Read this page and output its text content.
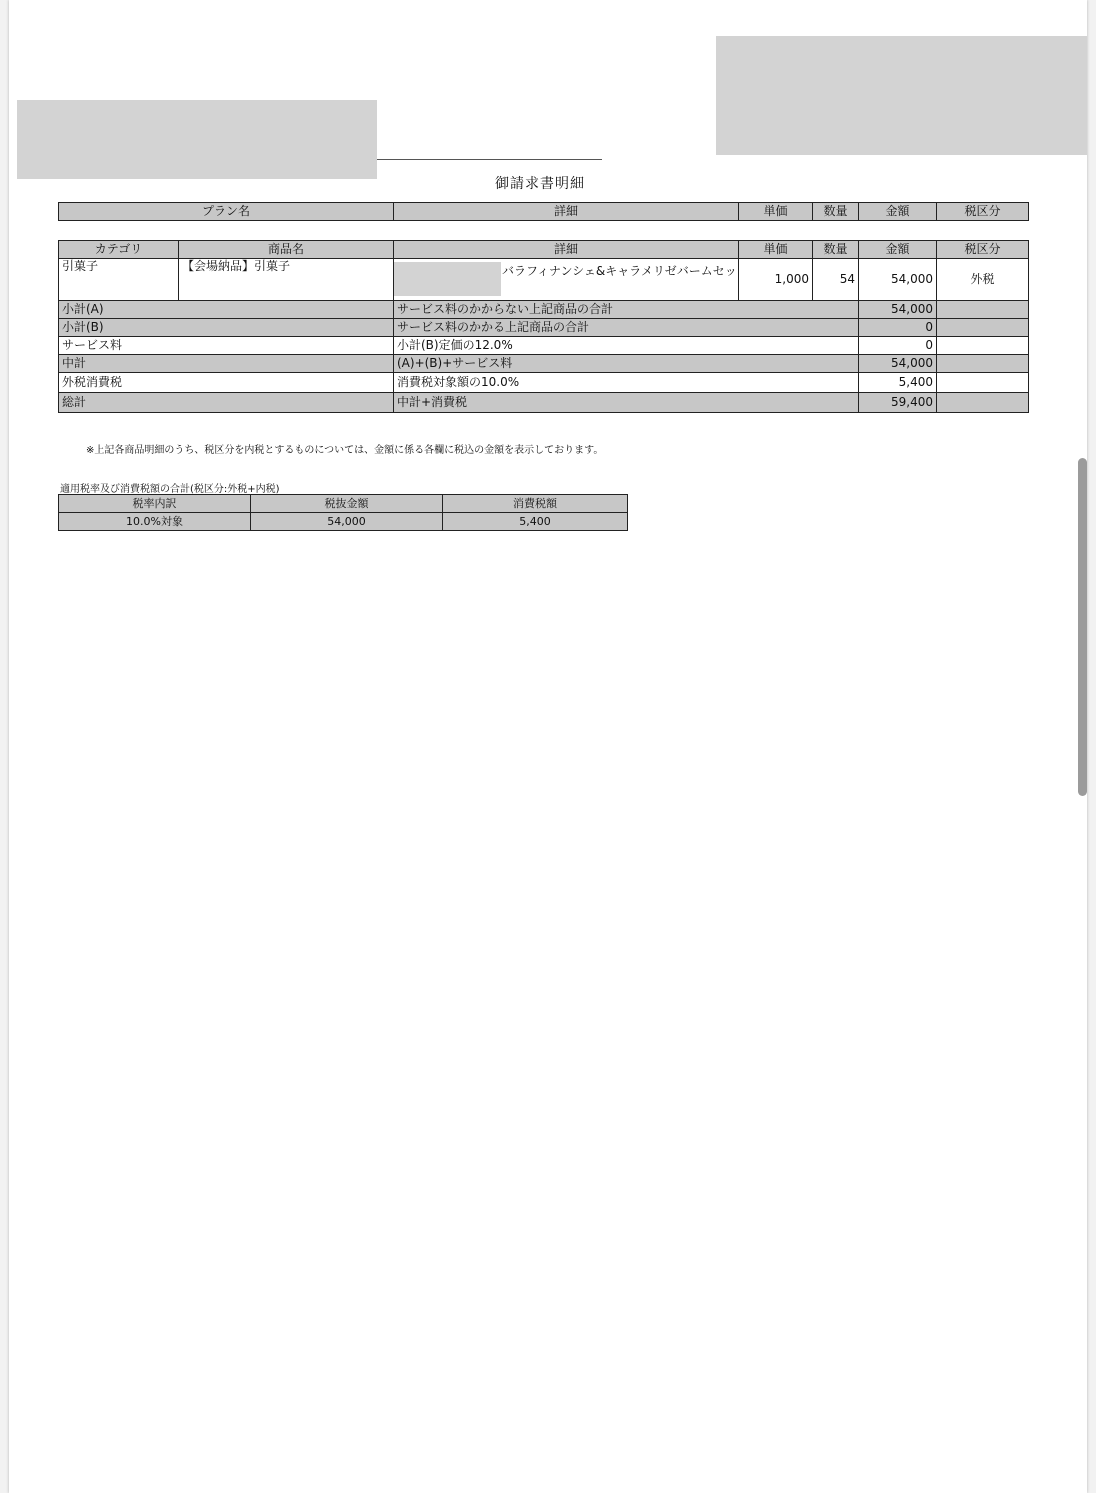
御請求書明細
プラン名	詳細	単価	数量	金額	税区分
カテゴリ	商品名	詳細	単価	数量	金額	税区分
引菓子	【会場納品】引菓子	バラフィナンシェ&キャラメリゼバームセッ	1,000	54	54,000	外税
小計(A)		サービス料のかからない上記商品の合計			54,000	
小計(B)		サービス料のかかる上記商品の合計			0	
サービス料		小計(B)定価の12.0%			0	
中計		(A)+(B)+サービス料			54,000	
外税消費税		消費税対象額の10.0%			5,400	
総計		中計+消費税			59,400	
※上記各商品明細のうち、税区分を内税とするものについては、金額に係る各欄に税込の金額を表示しております。
適用税率及び消費税額の合計(税区分:外税+内税)
税率内訳	税抜金額	消費税額
10.0%対象	54,000	5,400
